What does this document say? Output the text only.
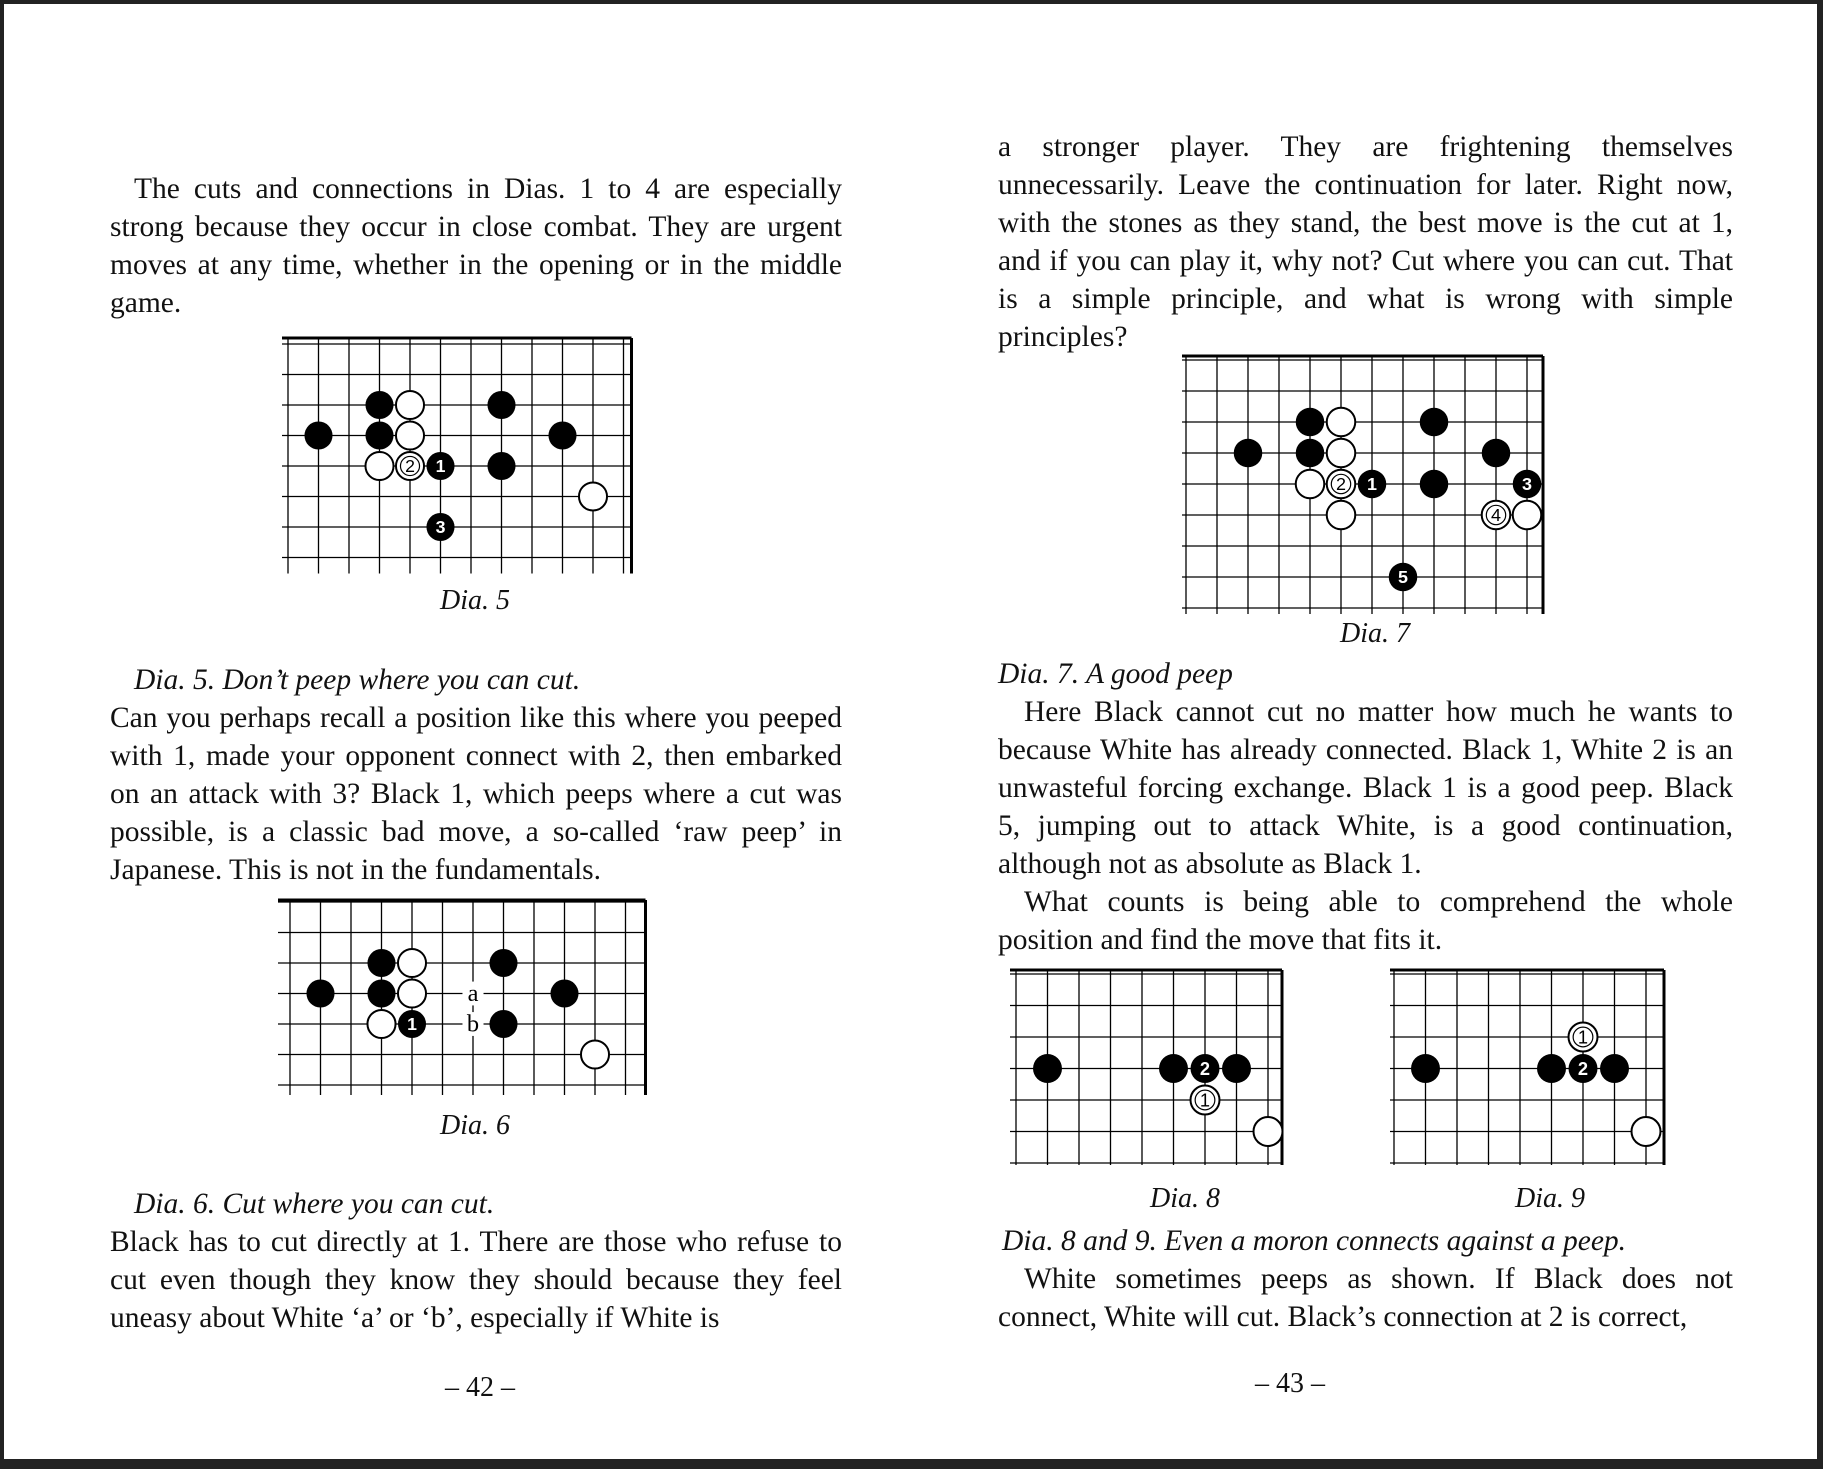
The cuts and connections in Dias. 1 to 4 are especially strong because they occur in close combat. They are urgent moves at any time, whether in the opening or in the middle game.

2 1
3

Dia. 5

Dia. 5. Don’t peep where you can cut.

Can you perhaps recall a position like this where you peeped with 1, made your opponent connect with 2, then embarked on an attack with 3? Black 1, which peeps where a cut was possible, is a classic bad move, a so-called ‘raw peep’ in Japanese. This is not in the fundamentals.

a
b
1

Dia. 6

Dia. 6. Cut where you can cut.

Black has to cut directly at 1. There are those who refuse to cut even though they know they should because they feel uneasy about White ‘a’ or ‘b’, especially if White is

– 42 –

a stronger player. They are frightening themselves unnecessarily. Leave the continuation for later. Right now, with the stones as they stand, the best move is the cut at 1, and if you can play it, why not? Cut where you can cut. That is a simple principle, and what is wrong with simple principles?

2 1	3
4
5

Dia. 7

Dia. 7. A good peep

Here Black cannot cut no matter how much he wants to because White has already connected. Black 1, White 2 is an unwasteful forcing exchange. Black 1 is a good peep. Black 5, jumping out to attack White, is a good continuation, although not as absolute as Black 1.

What counts is being able to comprehend the whole position and find the move that fits it.

2
1

Dia. 8

1
2

Dia. 9

Dia. 8 and 9. Even a moron connects against a peep.

White sometimes peeps as shown. If Black does not connect, White will cut. Black’s connection at 2 is correct,

– 43 –
